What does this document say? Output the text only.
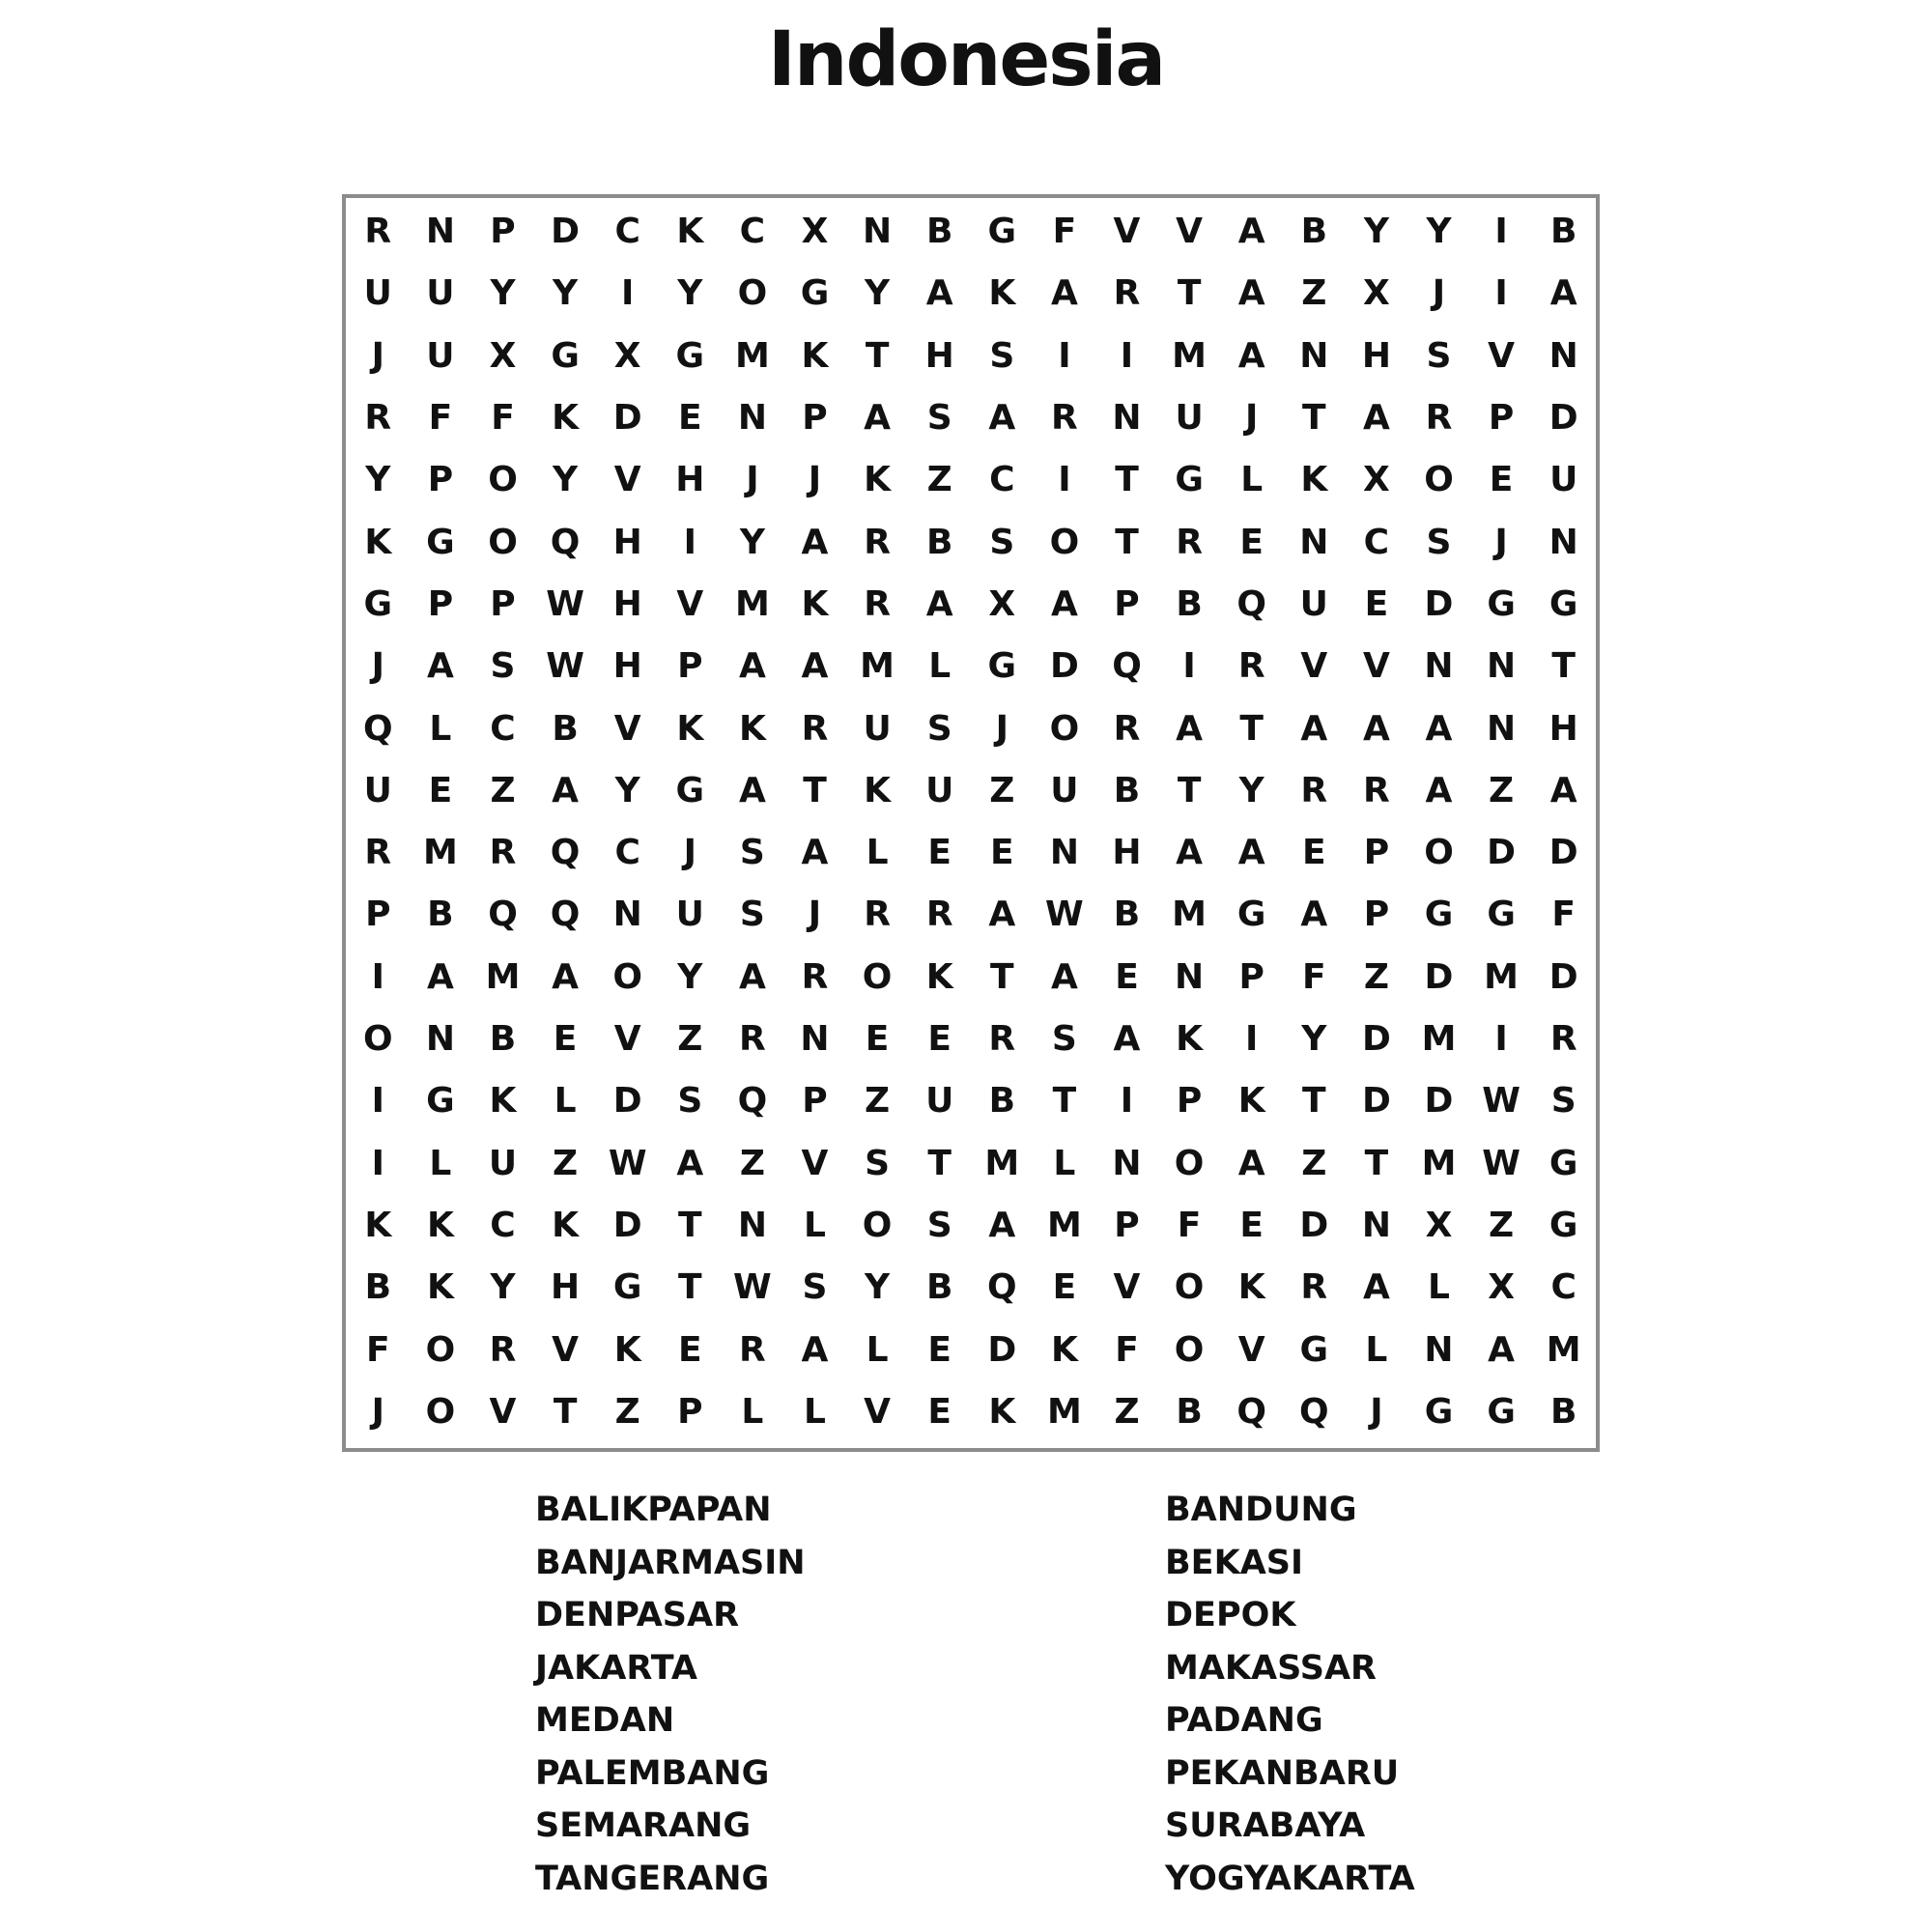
Indonesia
R N	P	D	C	K	C	X N B	G	F	V	V	A	B	Y	Y	I	B
U U	Y	Y	I	Y	O G	Y	A	K	A	R	T	A	Z	X	J	I	A
J	U	X G X G M K	T	H	S	I	I	M A N H	S	V N
R	F	F	K D	E	N	P	A	S	A	R N U	J	T	A	R	P	D
Y	P	O	Y	V H	J	J	K	Z	C	I	T	G	L	K	X O	E	U
K G O Q H	I	Y	A	R	B	S	O	T	R	E	N	C	S	J	N
G	P	P W H V M K	R	A	X	A	P	B Q U	E	D G G
J	A	S W H	P	A	A M L	G D Q	I	R	V	V N N	T
Q	L	C	B	V	K	K	R	U	S	J	O R	A	T	A	A	A N H
U	E	Z	A	Y	G A	T	K	U	Z	U	B	T	Y	R	R	A	Z	A
R M R Q	C	J	S	A	L	E	E	N H A	A	E	P	O D D
P	B Q Q N U	S	J	R	R	A W B M G A	P	G G	F
I	A M A O	Y	A	R O K	T	A	E	N	P	F	Z	D M D
O N B	E	V	Z	R N	E	E	R	S	A	K	I	Y	D M	I	R
I	G K	L	D	S	Q	P	Z	U	B	T	I	P	K	T	D D W S
I	L	U	Z W A	Z	V	S	T M L	N O A	Z	T M W G
K	K	C	K D	T	N	L	O	S	A M P	F	E	D N X	Z	G
B	K	Y	H G	T W S	Y	B Q	E	V O K	R	A	L	X	C
F	O R	V	K	E	R	A	L	E	D K	F	O V G	L	N A M
J	O V	T	Z	P	L	L	V	E	K M Z	B Q Q	J	G G	B
BALIKPAPAN
BANJARMASIN
DENPASAR
JAKARTA
MEDAN
PALEMBANG
SEMARANG
TANGERANG
BANDUNG
BEKASI
DEPOK
MAKASSAR
PADANG
PEKANBARU
SURABAYA
YOGYAKARTA
